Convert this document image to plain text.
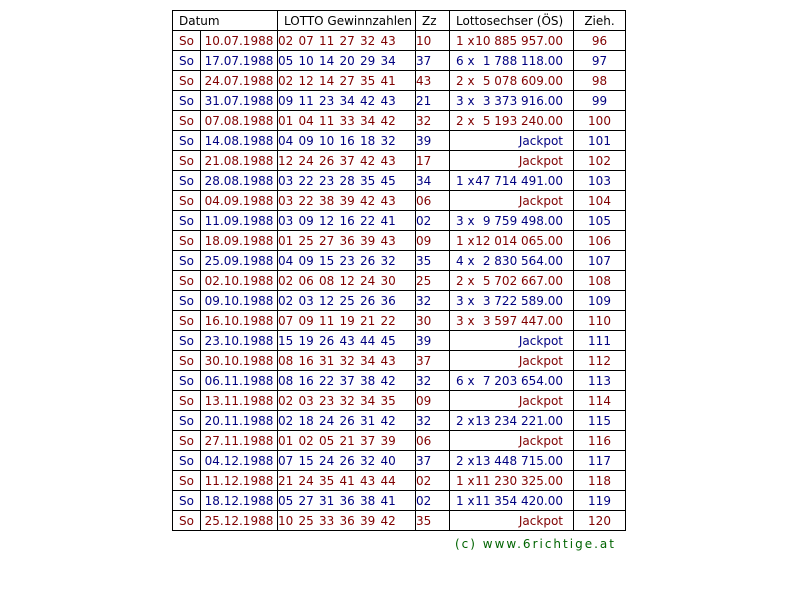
Datum		LOTTO Gewinnzahlen	Zz	Lottosechser (ÖS)	Zieh.
So	10.07.1988	02 07 11 27 32 43	10	1 x 10 885 957.00	96
So	17.07.1988	05 10 14 20 29 34	37	6 x 1 788 118.00	97
So	24.07.1988	02 12 14 27 35 41	43	2 x 5 078 609.00	98
So	31.07.1988	09 11 23 34 42 43	21	3 x 3 373 916.00	99
So	07.08.1988	01 04 11 33 34 42	32	2 x 5 193 240.00	100
So	14.08.1988	04 09 10 16 18 32	39	Jackpot	101
So	21.08.1988	12 24 26 37 42 43	17	Jackpot	102
So	28.08.1988	03 22 23 28 35 45	34	1 x 47 714 491.00	103
So	04.09.1988	03 22 38 39 42 43	06	Jackpot	104
So	11.09.1988	03 09 12 16 22 41	02	3 x 9 759 498.00	105
So	18.09.1988	01 25 27 36 39 43	09	1 x 12 014 065.00	106
So	25.09.1988	04 09 15 23 26 32	35	4 x 2 830 564.00	107
So	02.10.1988	02 06 08 12 24 30	25	2 x 5 702 667.00	108
So	09.10.1988	02 03 12 25 26 36	32	3 x 3 722 589.00	109
So	16.10.1988	07 09 11 19 21 22	30	3 x 3 597 447.00	110
So	23.10.1988	15 19 26 43 44 45	39	Jackpot	111
So	30.10.1988	08 16 31 32 34 43	37	Jackpot	112
So	06.11.1988	08 16 22 37 38 42	32	6 x 7 203 654.00	113
So	13.11.1988	02 03 23 32 34 35	09	Jackpot	114
So	20.11.1988	02 18 24 26 31 42	32	2 x 13 234 221.00	115
So	27.11.1988	01 02 05 21 37 39	06	Jackpot	116
So	04.12.1988	07 15 24 26 32 40	37	2 x 13 448 715.00	117
So	11.12.1988	21 24 35 41 43 44	02	1 x 11 230 325.00	118
So	18.12.1988	05 27 31 36 38 41	02	1 x 11 354 420.00	119
So	25.12.1988	10 25 33 36 39 42	35	Jackpot	120
(c) www.6richtige.at
